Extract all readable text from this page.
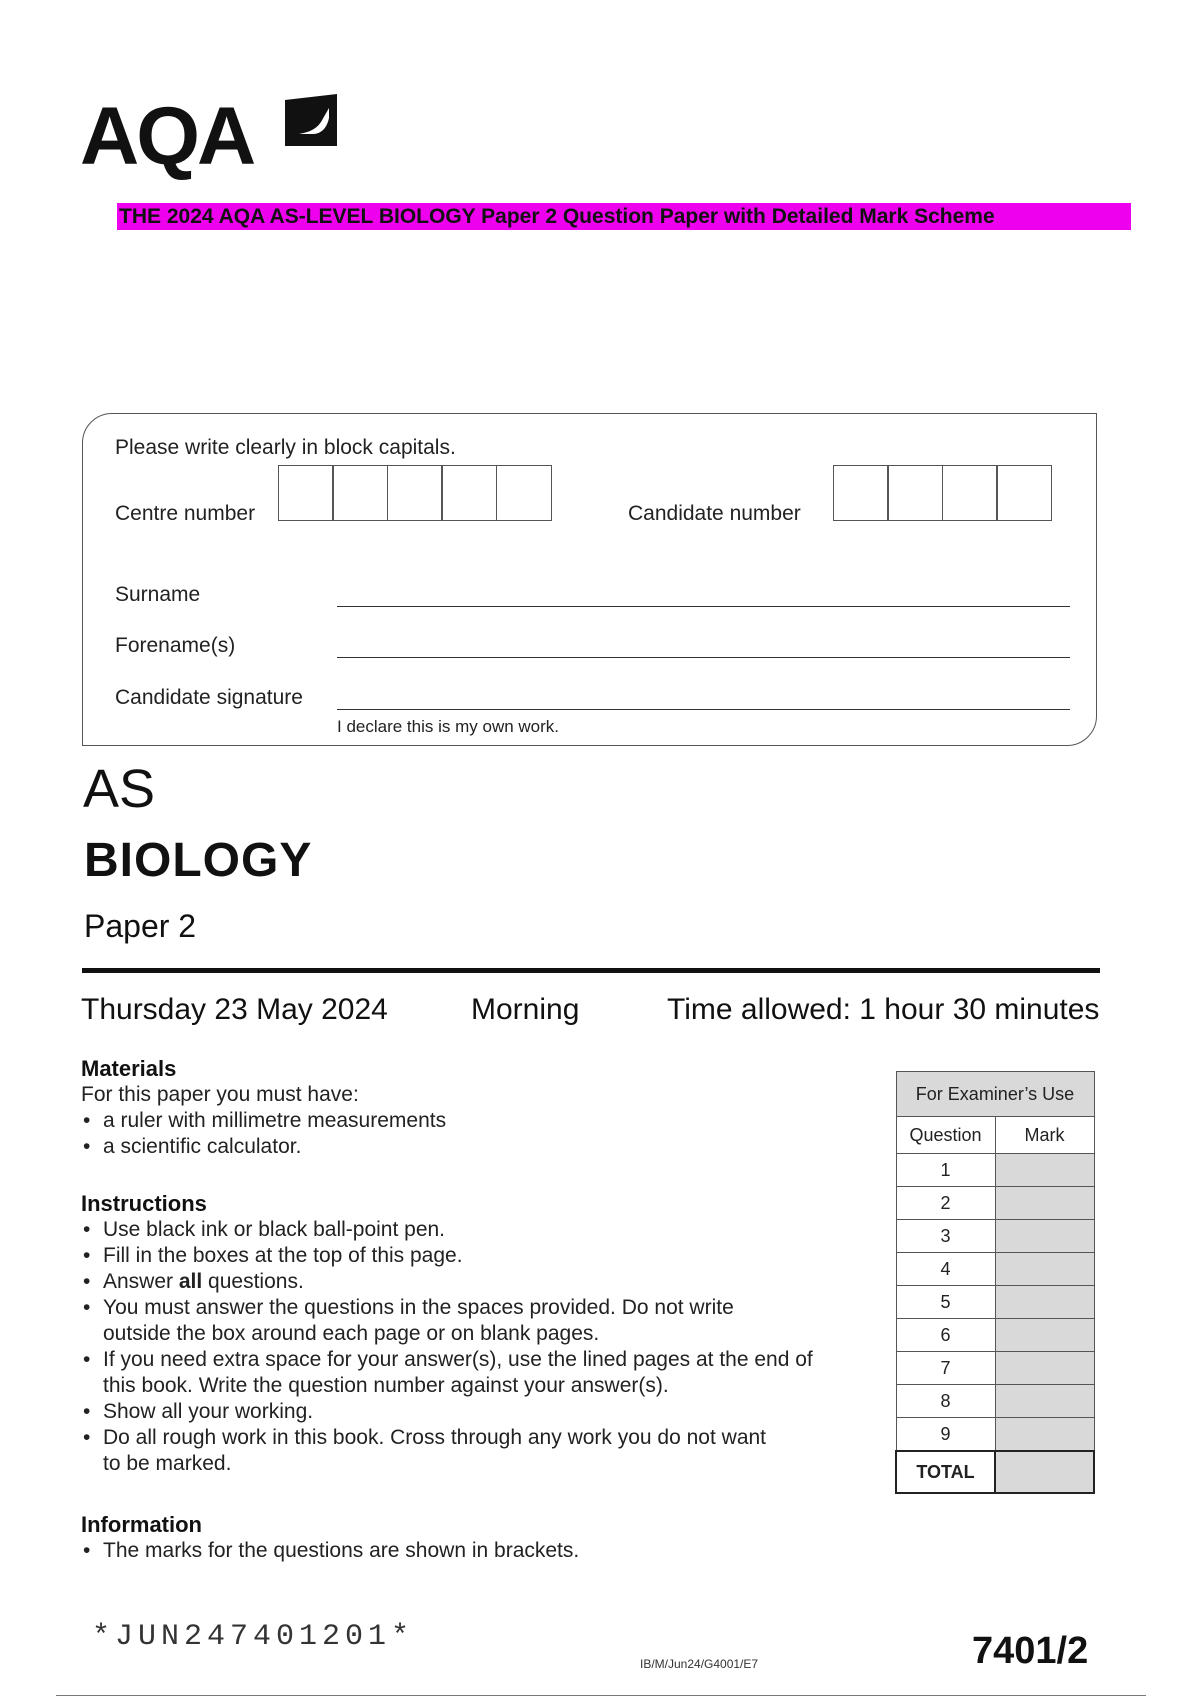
AQA
THE 2024 AQA AS-LEVEL BIOLOGY Paper 2 Question Paper with Detailed Mark Scheme
Please write clearly in block capitals.
Centre number	Candidate number
Surname
Forename(s)
Candidate signature
I declare this is my own work.
AS
BIOLOGY
Paper 2
Thursday 23 May 2024	Morning	Time allowed: 1 hour 30 minutes
Materials
For this paper you must have:
• a ruler with millimetre measurements
• a scientific calculator.
Instructions
• Use black ink or black ball-point pen.
• Fill in the boxes at the top of this page.
• Answer all questions.
• You must answer the questions in the spaces provided. Do not write
outside the box around each page or on blank pages.
• If you need extra space for your answer(s), use the lined pages at the end of
this book. Write the question number against your answer(s).
• Show all your working.
• Do all rough work in this book. Cross through any work you do not want
to be marked.
Information
• The marks for the questions are shown in brackets.
For Examiner’s Use	
Question	Mark
1	
2	
3	
4	
5	
6	
7	
8	
9	
TOTAL	
*JUN247401201*
IB/M/Jun24/G4001/E7	7401/2
